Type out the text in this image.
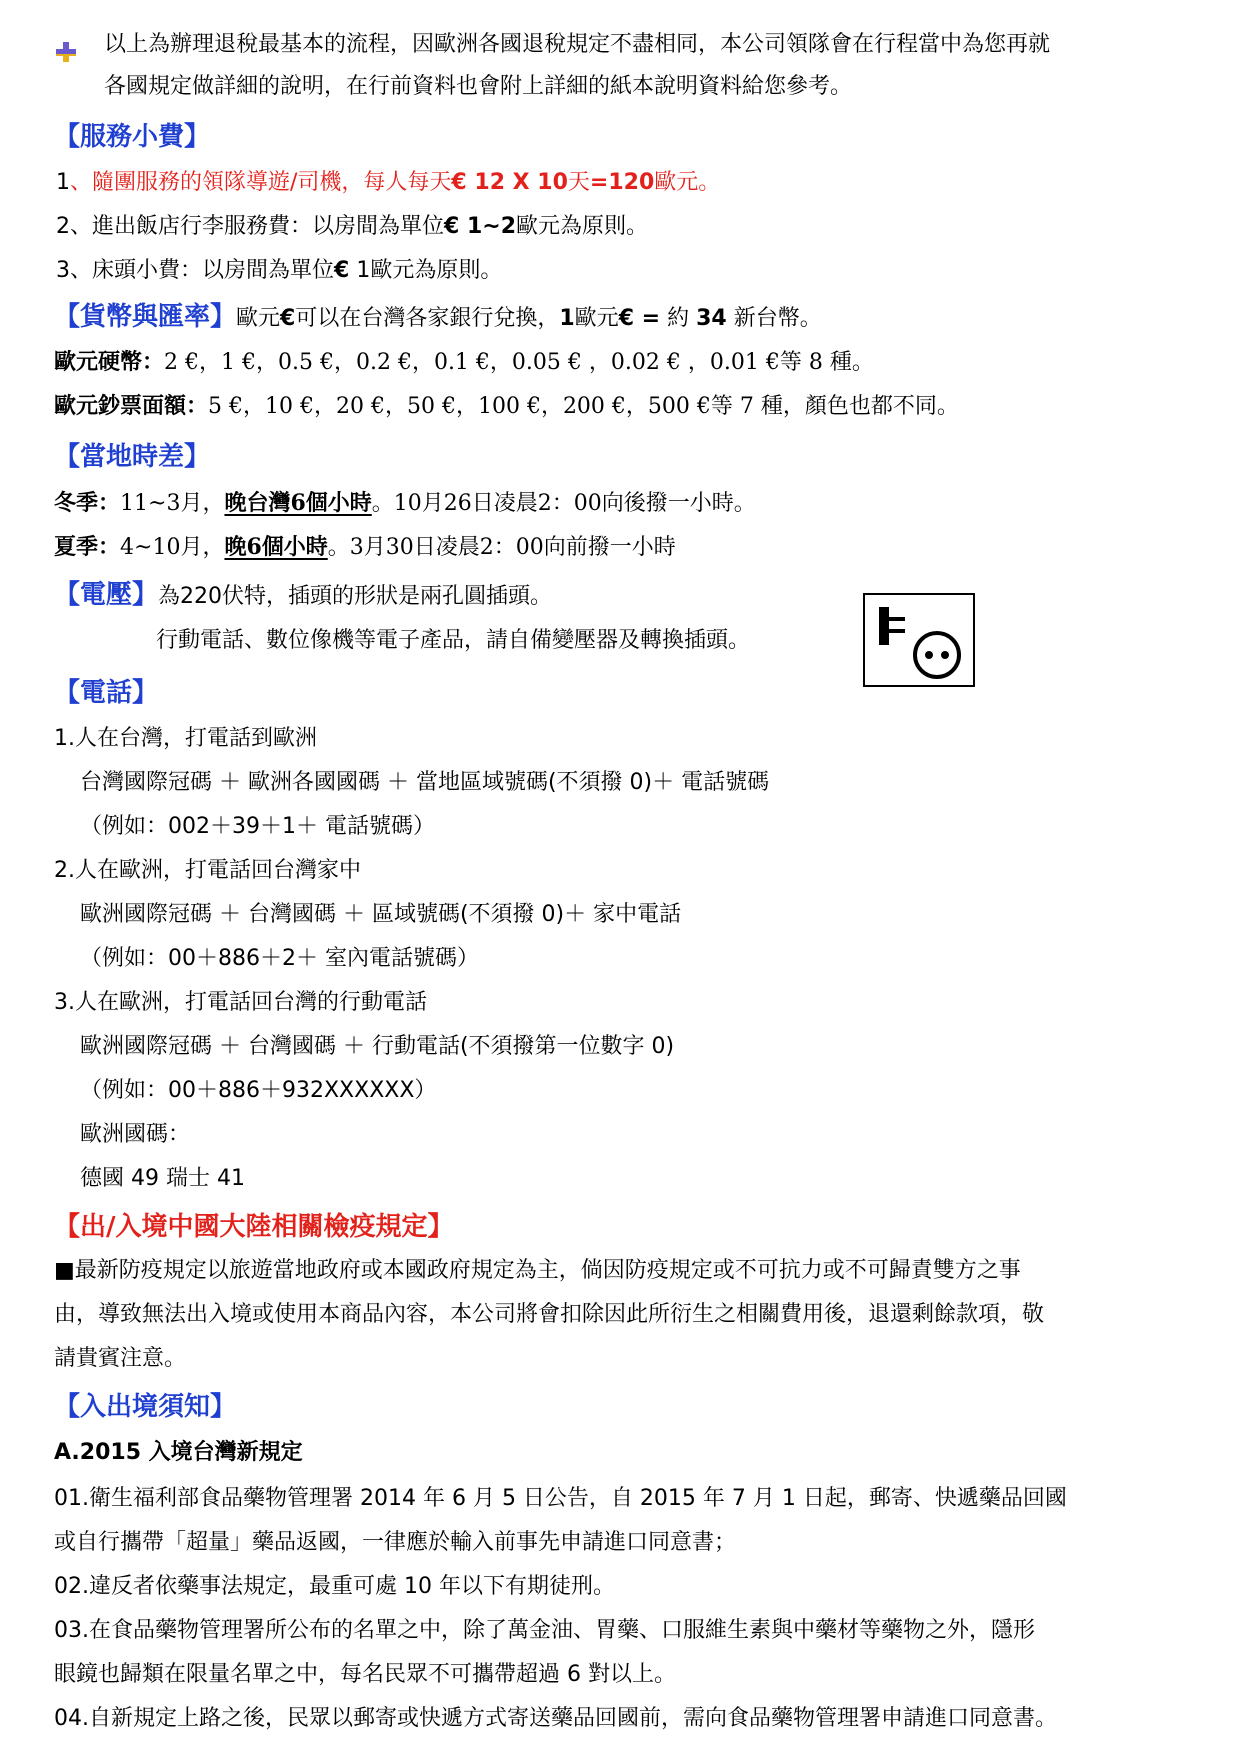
以上為辦理退稅最基本的流程，因歐洲各國退稅規定不盡相同，本公司領隊會在行程當中為您再就
各國規定做詳細的說明，在行前資料也會附上詳細的紙本說明資料給您參考。
【服務小費】
1、隨團服務的領隊導遊/司機，每人每天€ 12 X 10天=120歐元。
2、進出飯店行李服務費：以房間為單位€ 1~2歐元為原則。
3、床頭小費：以房間為單位€ 1歐元為原則。
【貨幣與匯率】歐元€可以在台灣各家銀行兌換，1歐元€ = 約 34 新台幣。
歐元硬幣：2 €，1 €，0.5 €，0.2 €，0.1 €，0.05 € ，0.02 € ，0.01 €等 8 種。
歐元鈔票面額：5 €，10 €，20 €，50 €，100 €，200 €，500 €等 7 種，顏色也都不同。
【當地時差】
冬季：11~3月，晚台灣6個小時。10月26日凌晨2：00向後撥一小時。
夏季：4~10月，晚6個小時。3月30日凌晨2：00向前撥一小時
【電壓】為220伏特，插頭的形狀是兩孔圓插頭。
行動電話、數位像機等電子產品，請自備變壓器及轉換插頭。
【電話】
1.人在台灣，打電話到歐洲
台灣國際冠碼 ＋ 歐洲各國國碼 ＋ 當地區域號碼(不須撥 0)＋ 電話號碼
（例如：002＋39＋1＋ 電話號碼）
2.人在歐洲，打電話回台灣家中
歐洲國際冠碼 ＋ 台灣國碼 ＋ 區域號碼(不須撥 0)＋ 家中電話
（例如：00＋886＋2＋ 室內電話號碼）
3.人在歐洲，打電話回台灣的行動電話
歐洲國際冠碼 ＋ 台灣國碼 ＋ 行動電話(不須撥第一位數字 0)
（例如：00＋886＋932XXXXXX）
歐洲國碼：
德國 49 瑞士 41
【出/入境中國大陸相關檢疫規定】
■最新防疫規定以旅遊當地政府或本國政府規定為主，倘因防疫規定或不可抗力或不可歸責雙方之事
由，導致無法出入境或使用本商品內容，本公司將會扣除因此所衍生之相關費用後，退還剩餘款項，敬
請貴賓注意。
【入出境須知】
A.2015 入境台灣新規定
01.衛生福利部食品藥物管理署 2014 年 6 月 5 日公告，自 2015 年 7 月 1 日起，郵寄、快遞藥品回國
或自行攜帶「超量」藥品返國，一律應於輸入前事先申請進口同意書；
02.違反者依藥事法規定，最重可處 10 年以下有期徒刑。
03.在食品藥物管理署所公布的名單之中，除了萬金油、胃藥、口服維生素與中藥材等藥物之外，隱形
眼鏡也歸類在限量名單之中，每名民眾不可攜帶超過 6 對以上。
04.自新規定上路之後，民眾以郵寄或快遞方式寄送藥品回國前，需向食品藥物管理署申請進口同意書。
